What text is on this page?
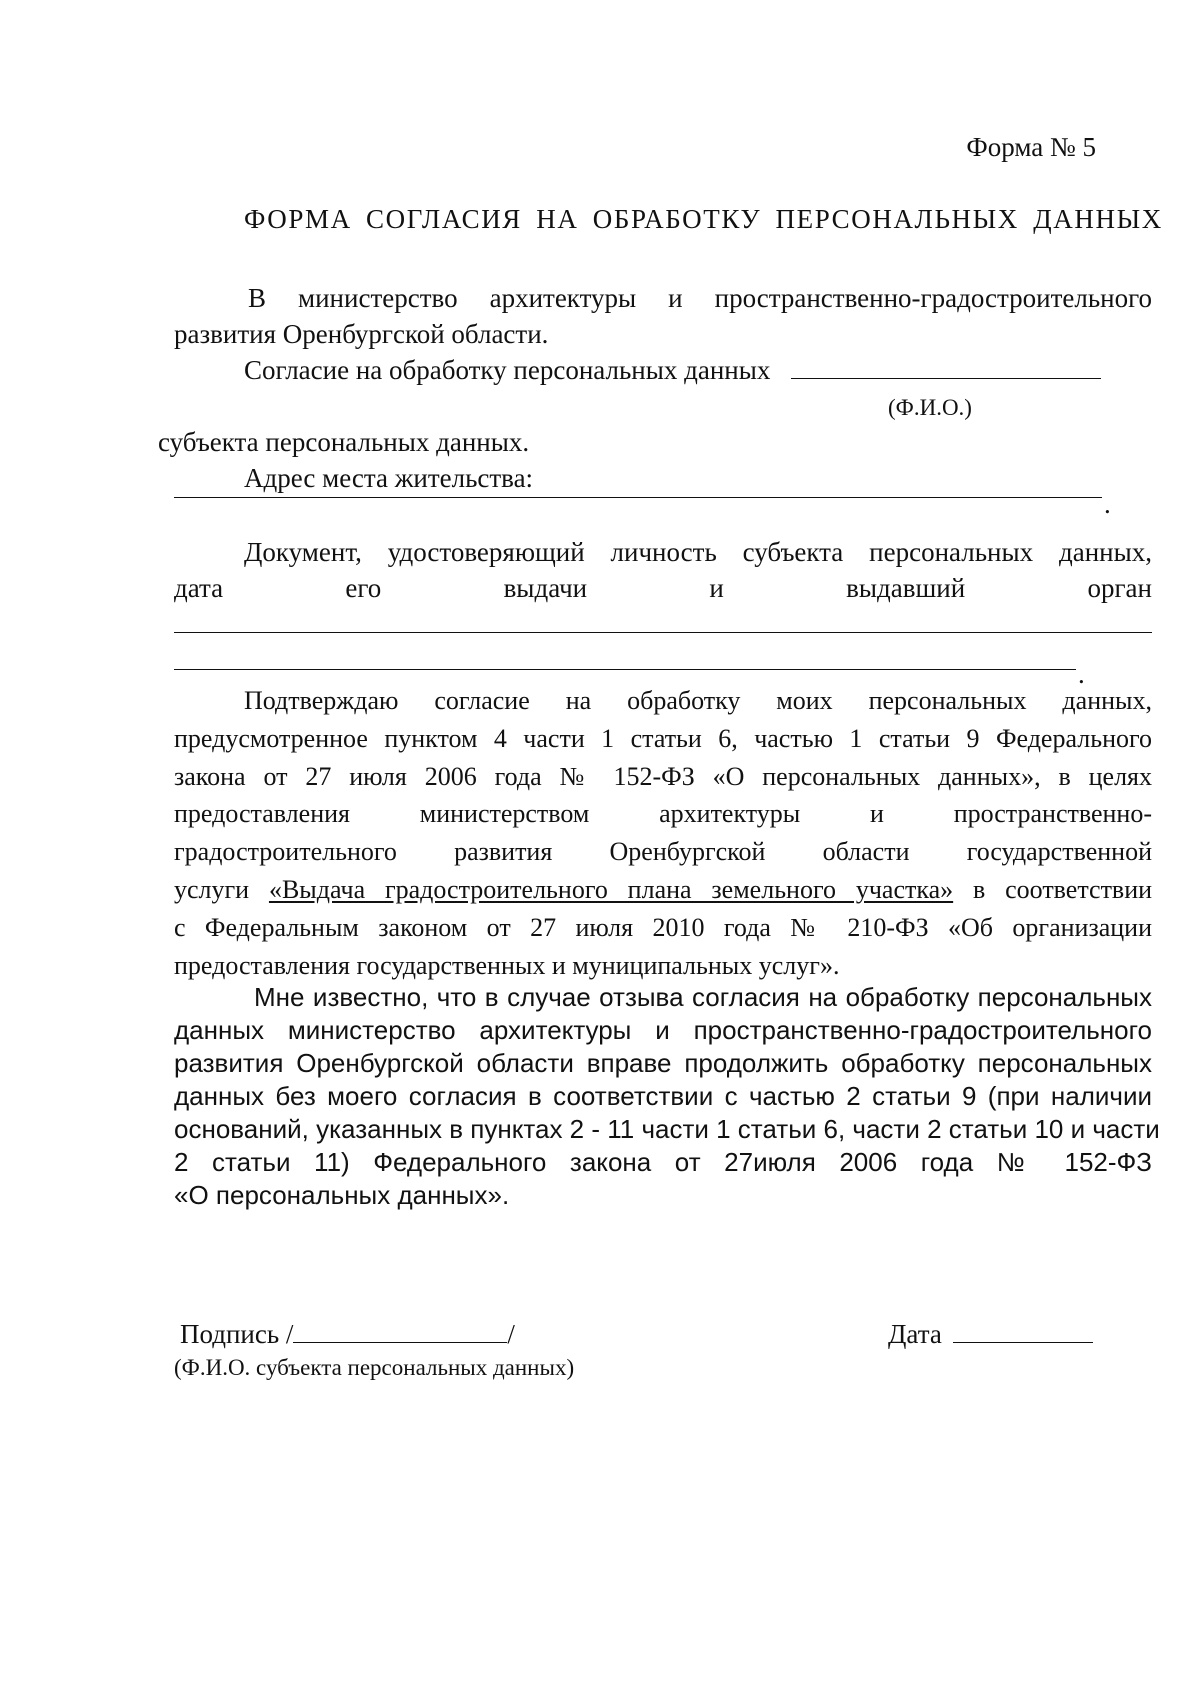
Форма № 5
ФОРМА СОГЛАСИЯ НА ОБРАБОТКУ ПЕРСОНАЛЬНЫХ ДАННЫХ
В министерство архитектуры и пространственно-градостроительного
развития Оренбургской области.
Согласие на обработку персональных данных
(Ф.И.О.)
субъекта персональных данных.
Адрес места жительства:
.
Документ, удостоверяющий личность субъекта персональных данных,
дата	его	выдачи	и	выдавший	орган
.
Подтверждаю согласие на обработку моих персональных данных,
предусмотренное пунктом 4 части 1 статьи 6, частью 1 статьи 9 Федерального
закона от 27 июля 2006 года № 152-ФЗ «О персональных данных», в целях
предоставления министерством архитектуры и пространственно-
градостроительного развития Оренбургской области государственной
услуги «Выдача градостроительного плана земельного участка» в соответствии
с Федеральным законом от 27 июля 2010 года № 210-ФЗ «Об организации
предоставления государственных и муниципальных услуг».
Мне известно, что в случае отзыва согласия на обработку персональных
данных министерство архитектуры и пространственно-градостроительного
развития Оренбургской области вправе продолжить обработку персональных
данных без моего согласия в соответствии с частью 2 статьи 9 (при наличии
оснований, указанных в пунктах 2 - 11 части 1 статьи 6, части 2 статьи 10 и части
2 статьи 11) Федерального закона от 27июля 2006 года № 152-ФЗ
«О персональных данных».
Подпись /	/	Дата
(Ф.И.О. субъекта персональных данных)
